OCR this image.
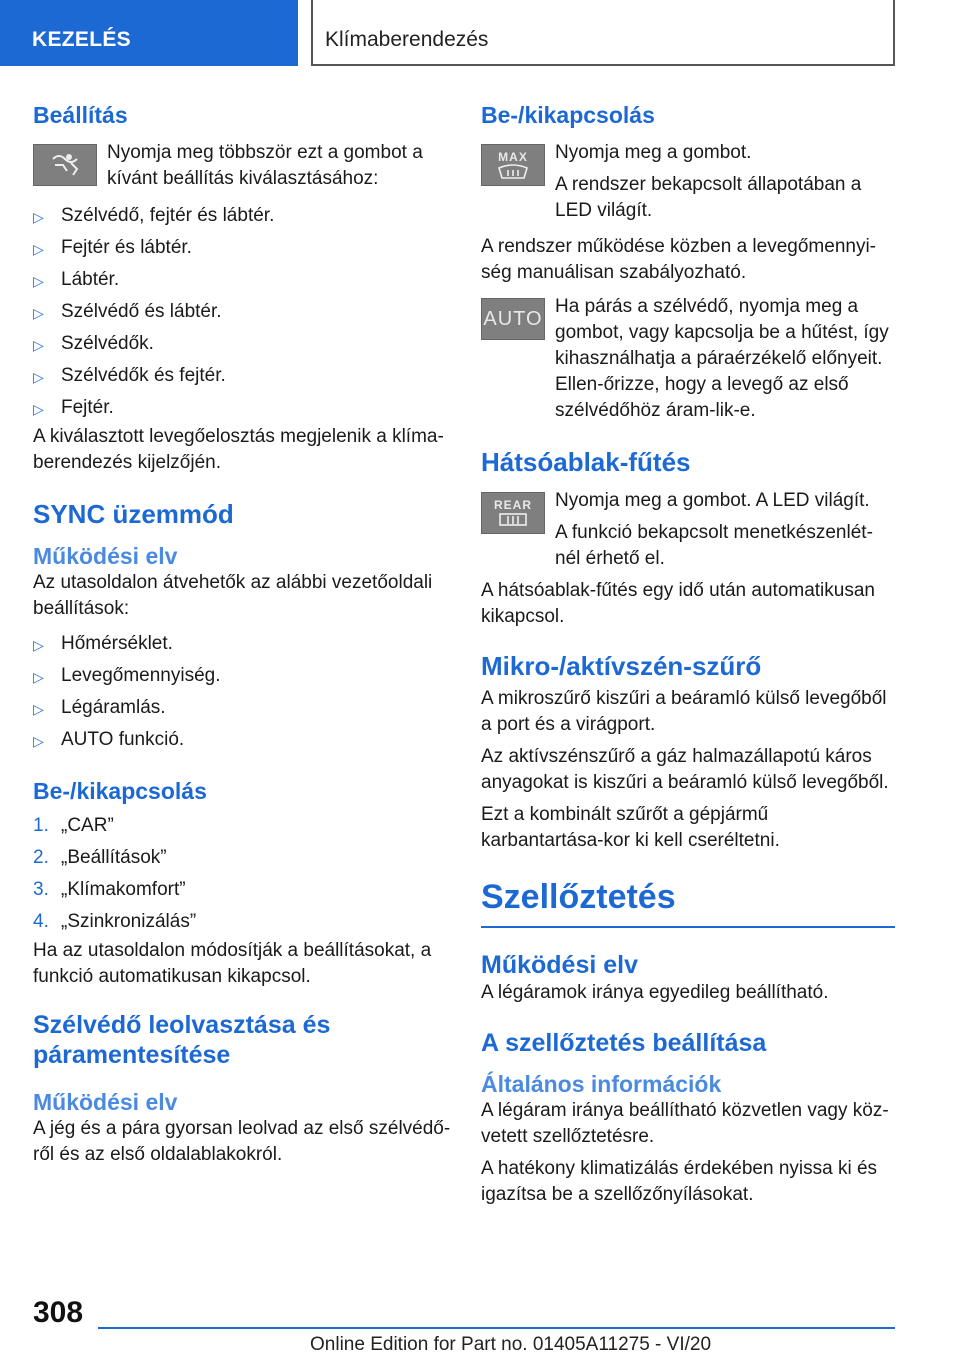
KEZELÉS	Klímaberendezés
Beállítás

Nyomja meg többször ezt a gombot a kívánt beállítás kiválasztásához:

▷ Szélvédő, fejtér és lábtér.
▷ Fejtér és lábtér.
▷ Lábtér.
▷ Szélvédő és lábtér.
▷ Szélvédők.
▷ Szélvédők és fejtér.
▷ Fejtér.

A kiválasztott levegőelosztás megjelenik a klíma-berendezés kijelzőjén.

SYNC üzemmód
Működési elv

Az utasoldalon átvehetők az alábbi vezetőoldali beállítások:

▷ Hőmérséklet.
▷ Levegőmennyiség.
▷ Légáramlás.
▷ AUTO funkció.
Be-/kikapcsolás
1. „CAR”
2. „Beállítások”
3. „Klímakomfort”
4. „Szinkronizálás”

Ha az utasoldalon módosítják a beállításokat, a funkció automatikusan kikapcsol.

Szélvédő leolvasztása és páramentesítése
Működési elv

A jég és a pára gyorsan leolvad az első szélvédő-ről és az első oldalablakokról.

Be-/kikapcsolás
MAX Nyomja meg a gombot.

A rendszer bekapcsolt állapotában a LED világít.

A rendszer működése közben a levegőmennyi-ség manuálisan szabályozható.

AUTO

Ha párás a szélvédő, nyomja meg a gombot, vagy kapcsolja be a hűtést, így kihasználhatja a páraérzékelő előnyeit. Ellen-őrizze, hogy a levegő az első szélvédőhöz áram-lik-e.

Hátsóablak-fűtés
REAR Nyomja meg a gombot. A LED világít.

A funkció bekapcsolt menetkészenlét-nél érhető el.

A hátsóablak-fűtés egy idő után automatikusan kikapcsol.

Mikro-/aktívszén-szűrő

A mikroszűrő kiszűri a beáramló külső levegőből a port és a virágport.

Az aktívszénszűrő a gáz halmazállapotú káros anyagokat is kiszűri a beáramló külső levegőből.

Ezt a kombinált szűrőt a gépjármű karbantartása-kor ki kell cseréltetni.

Szellőztetés
Működési elv

A légáramok iránya egyedileg beállítható.

A szellőztetés beállítása
Általános információk

A légáram iránya beállítható közvetlen vagy köz-vetett szellőztetésre.

A hatékony klimatizálás érdekében nyissa ki és igazítsa be a szellőzőnyílásokat.

308
Online Edition for Part no. 01405A11275 - VI/20
